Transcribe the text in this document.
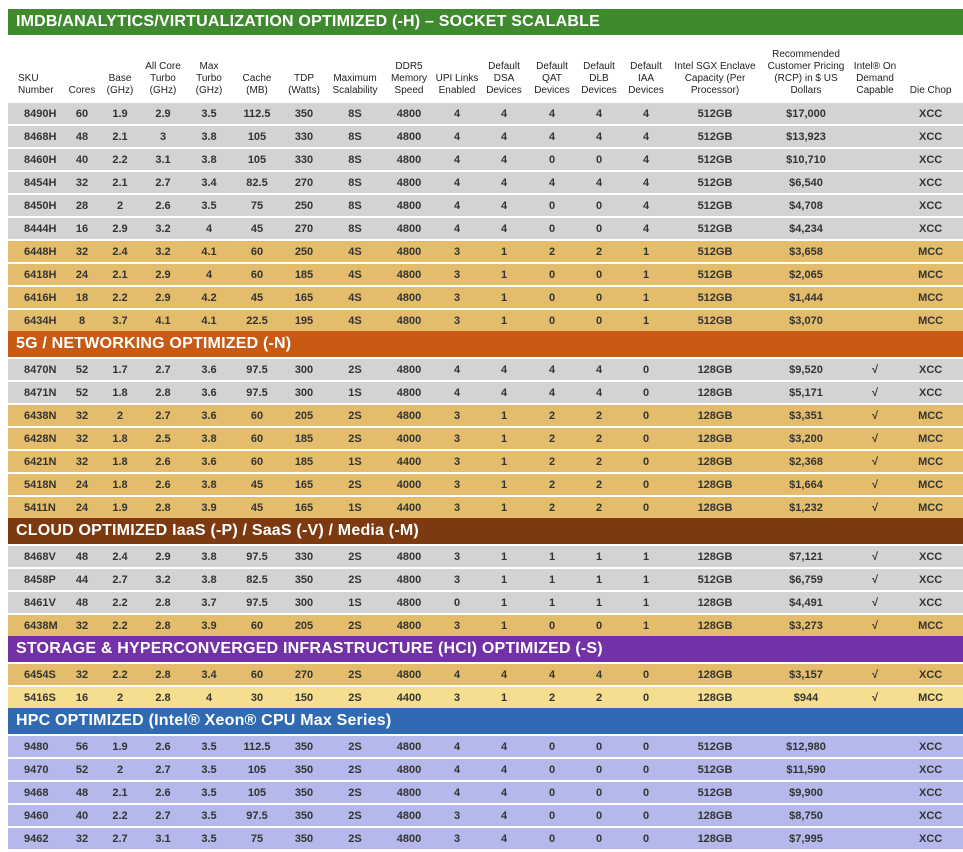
IMDB/ANALYTICS/VIRTUALIZATION OPTIMIZED (-H) – SOCKET SCALABLE																	
SKU Number	Cores	Base (GHz)	All Core Turbo (GHz)	Max Turbo (GHz)	Cache (MB)	TDP (Watts)	Maximum Scalability	DDR5 Memory Speed	UPI Links Enabled	Default DSA Devices	Default QAT Devices	Default DLB Devices	Default IAA Devices	Intel SGX Enclave Capacity (Per Processor)	Recommended Customer Pricing (RCP) in $ US Dollars	Intel® On Demand Capable	Die Chop
8490H	60	1.9	2.9	3.5	112.5	350	8S	4800	4	4	4	4	4	512GB	$17,000		XCC
8468H	48	2.1	3	3.8	105	330	8S	4800	4	4	4	4	4	512GB	$13,923		XCC
8460H	40	2.2	3.1	3.8	105	330	8S	4800	4	4	0	0	4	512GB	$10,710		XCC
8454H	32	2.1	2.7	3.4	82.5	270	8S	4800	4	4	4	4	4	512GB	$6,540		XCC
8450H	28	2	2.6	3.5	75	250	8S	4800	4	4	0	0	4	512GB	$4,708		XCC
8444H	16	2.9	3.2	4	45	270	8S	4800	4	4	0	0	4	512GB	$4,234		XCC
6448H	32	2.4	3.2	4.1	60	250	4S	4800	3	1	2	2	1	512GB	$3,658		MCC
6418H	24	2.1	2.9	4	60	185	4S	4800	3	1	0	0	1	512GB	$2,065		MCC
6416H	18	2.2	2.9	4.2	45	165	4S	4800	3	1	0	0	1	512GB	$1,444		MCC
6434H	8	3.7	4.1	4.1	22.5	195	4S	4800	3	1	0	0	1	512GB	$3,070		MCC
5G / NETWORKING OPTIMIZED (-N)																	
8470N	52	1.7	2.7	3.6	97.5	300	2S	4800	4	4	4	4	0	128GB	$9,520	√	XCC
8471N	52	1.8	2.8	3.6	97.5	300	1S	4800	4	4	4	4	0	128GB	$5,171	√	XCC
6438N	32	2	2.7	3.6	60	205	2S	4800	3	1	2	2	0	128GB	$3,351	√	MCC
6428N	32	1.8	2.5	3.8	60	185	2S	4000	3	1	2	2	0	128GB	$3,200	√	MCC
6421N	32	1.8	2.6	3.6	60	185	1S	4400	3	1	2	2	0	128GB	$2,368	√	MCC
5418N	24	1.8	2.6	3.8	45	165	2S	4000	3	1	2	2	0	128GB	$1,664	√	MCC
5411N	24	1.9	2.8	3.9	45	165	1S	4400	3	1	2	2	0	128GB	$1,232	√	MCC
CLOUD OPTIMIZED IaaS (-P) / SaaS (-V) / Media (-M)																	
8468V	48	2.4	2.9	3.8	97.5	330	2S	4800	3	1	1	1	1	128GB	$7,121	√	XCC
8458P	44	2.7	3.2	3.8	82.5	350	2S	4800	3	1	1	1	1	512GB	$6,759	√	XCC
8461V	48	2.2	2.8	3.7	97.5	300	1S	4800	0	1	1	1	1	128GB	$4,491	√	XCC
6438M	32	2.2	2.8	3.9	60	205	2S	4800	3	1	0	0	1	128GB	$3,273	√	MCC
STORAGE & HYPERCONVERGED INFRASTRUCTURE (HCI) OPTIMIZED (-S)																	
6454S	32	2.2	2.8	3.4	60	270	2S	4800	4	4	4	4	0	128GB	$3,157	√	XCC
5416S	16	2	2.8	4	30	150	2S	4400	3	1	2	2	0	128GB	$944	√	MCC
HPC OPTIMIZED (Intel® Xeon® CPU Max Series)																	
9480	56	1.9	2.6	3.5	112.5	350	2S	4800	4	4	0	0	0	512GB	$12,980		XCC
9470	52	2	2.7	3.5	105	350	2S	4800	4	4	0	0	0	512GB	$11,590		XCC
9468	48	2.1	2.6	3.5	105	350	2S	4800	4	4	0	0	0	512GB	$9,900		XCC
9460	40	2.2	2.7	3.5	97.5	350	2S	4800	3	4	0	0	0	128GB	$8,750		XCC
9462	32	2.7	3.1	3.5	75	350	2S	4800	3	4	0	0	0	128GB	$7,995		XCC
